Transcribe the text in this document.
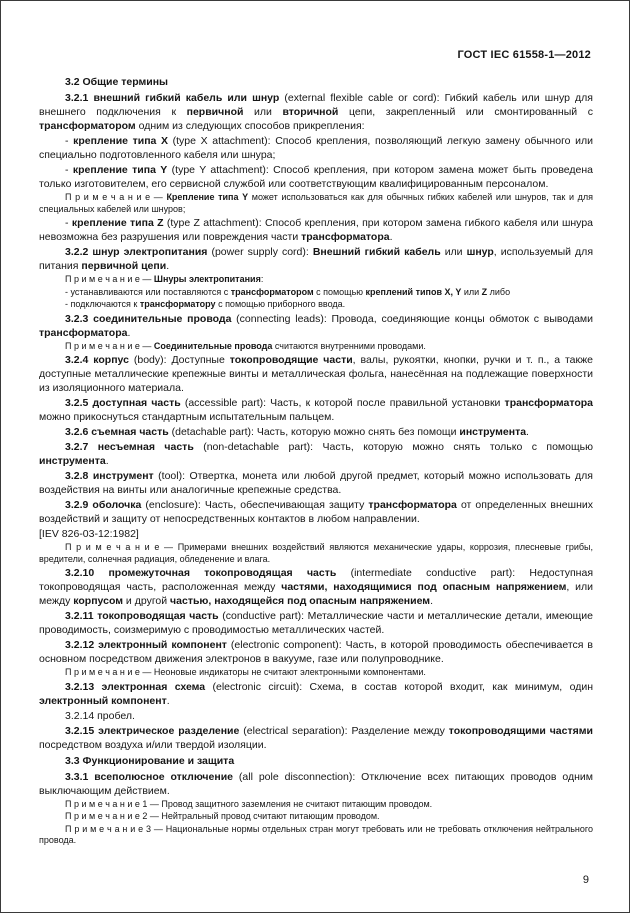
ГОСТ IEC 61558-1—2012

3.2 Общие термины

3.2.1 внешний гибкий кабель или шнур (external flexible cable or cord): Гибкий кабель или шнур для внешнего подключения к первичной или вторичной цепи, закрепленный или смонтированный с трансформатором одним из следующих способов прикрепления:

- крепление типа X (type X attachment): Способ крепления, позволяющий легкую замену обычного или специально подготовленного кабеля или шнура;

- крепление типа Y (type Y attachment): Способ крепления, при котором замена может быть проведена только изготовителем, его сервисной службой или соответствующим квалифицированным персоналом.

П р и м е ч а н и е — Крепление типа Y может использоваться как для обычных гибких кабелей или шнуров, так и для специальных кабелей или шнуров;

- крепление типа Z (type Z attachment): Способ крепления, при котором замена гибкого кабеля или шнура невозможна без разрушения или повреждения части трансформатора.

3.2.2 шнур электропитания (power supply cord): Внешний гибкий кабель или шнур, используемый для питания первичной цепи.

П р и м е ч а н и е — Шнуры электропитания:

- устанавливаются или поставляются с трансформатором с помощью креплений типов X, Y или Z либо

- подключаются к трансформатору с помощью приборного ввода.

3.2.3 соединительные провода (connecting leads): Провода, соединяющие концы обмоток с выводами трансформатора.

П р и м е ч а н и е — Соединительные провода считаются внутренними проводами.

3.2.4 корпус (body): Доступные токопроводящие части, валы, рукоятки, кнопки, ручки и т. п., а также доступные металлические крепежные винты и металлическая фольга, нанесённая на подлежащие поверхности из изоляционного материала.

3.2.5 доступная часть (accessible part): Часть, к которой после правильной установки трансформатора можно прикоснуться стандартным испытательным пальцем.

3.2.6 съемная часть (detachable part): Часть, которую можно снять без помощи инструмента.

3.2.7 несъемная часть (non-detachable part): Часть, которую можно снять только с помощью инструмента.

3.2.8 инструмент (tool): Отвертка, монета или любой другой предмет, который можно использовать для воздействия на винты или аналогичные крепежные средства.

3.2.9 оболочка (enclosure): Часть, обеспечивающая защиту трансформатора от определенных внешних воздействий и защиту от непосредственных контактов в любом направлении.

[IEV 826-03-12:1982]

П р и м е ч а н и е — Примерами внешних воздействий являются механические удары, коррозия, плесневые грибы, вредители, солнечная радиация, обледенение и влага.

3.2.10 промежуточная токопроводящая часть (intermediate conductive part): Недоступная токопроводящая часть, расположенная между частями, находящимися под опасным напряжением, или между корпусом и другой частью, находящейся под опасным напряжением.

3.2.11 токопроводящая часть (conductive part): Металлические части и металлические детали, имеющие проводимость, соизмеримую с проводимостью металлических частей.

3.2.12 электронный компонент (electronic component): Часть, в которой проводимость обеспечивается в основном посредством движения электронов в вакууме, газе или полупроводнике.

П р и м е ч а н и е — Неоновые индикаторы не считают электронными компонентами.

3.2.13 электронная схема (electronic circuit): Схема, в состав которой входит, как минимум, один электронный компонент.

3.2.14 пробел.

3.2.15 электрическое разделение (electrical separation): Разделение между токопроводящими частями посредством воздуха и/или твердой изоляции.

3.3 Функционирование и защита

3.3.1 всеполюсное отключение (all pole disconnection): Отключение всех питающих проводов одним выключающим действием.

П р и м е ч а н и е 1 — Провод защитного заземления не считают питающим проводом.

П р и м е ч а н и е 2 — Нейтральный провод считают питающим проводом.

П р и м е ч а н и е 3 — Национальные нормы отдельных стран могут требовать или не требовать отключения нейтрального провода.

9
